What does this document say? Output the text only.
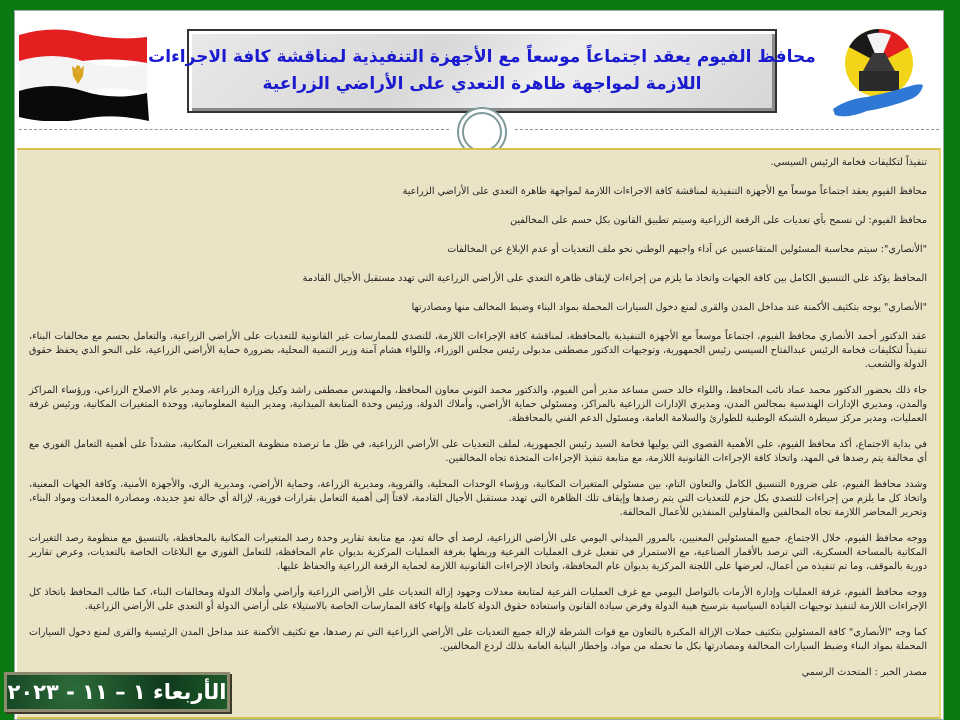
محافظ الفيوم يعقد اجتماعاً موسعاً مع الأجهزة التنفيذية لمناقشة كافة الاجراءات
اللازمة لمواجهة ظاهرة التعدي على الأراضي الزراعية

تنفيذاً لتكليفات فخامة الرئيس السيسي.

محافظ الفيوم يعقد اجتماعاً موسعاً مع الأجهزة التنفيذية لمناقشة كافة الاجراءات اللازمة لمواجهة ظاهرة التعدي على الأراضي الزراعية

محافظ الفيوم: لن نسمح بأي تعديات على الرقعة الزراعية وسيتم تطبيق القانون بكل حسم على المخالفين

"الأنصاري": سيتم محاسبة المسئولين المتقاعسين عن آداء واجبهم الوطني نحو ملف التعديات أو عدم الإبلاغ عن المخالفات

المحافظ يؤكد علي التنسيق الكامل بين كافة الجهات واتخاذ ما يلزم من إجراءات لإيقاف ظاهرة التعدي على الأراضي الزراعية التي تهدد مستقبل الأجيال القادمة

"الأنصاري" يوجه بتكثيف الأكمنة عند مداخل المدن والقرى لمنع دخول السيارات المحملة بمواد البناء وضبط المخالف منها ومصادرتها

عقد الدكتور أحمد الأنصاري محافظ الفيوم، اجتماعاً موسعاً مع الأجهزة التنفيذية بالمحافظة، لمناقشة كافة الإجراءات اللازمة، للتصدي للممارسات غير القانونية للتعديات على الأراضي الزراعية، والتعامل بحسم مع مخالفات البناء، تنفيذاً لتكليفات فخامة الرئيس عبدالفتاح السيسي رئيس الجمهورية، وتوجيهات الدكتور مصطفى مدبولى رئيس مجلس الوزراء، واللواء هشام آمنة وزير التنمية المحلية، بضرورة حماية الأراضي الزراعية، على النحو الذي يحفظ حقوق الدولة والشعب.

جاء ذلك بحضور الدكتور محمد عماد نائب المحافظ، واللواء خالد حسن مساعد مدير أمن الفيوم، والدكتور محمد التوني معاون المحافظ، والمهندس مصطفى راشد وكيل وزارة الزراعة، ومدير عام الاصلاح الزراعي، ورؤساء المراكز والمدن، ومديري الإدارات الهندسية بمجالس المدن، ومديري الإدارات الزراعية بالمراكز، ومسئولي حماية الأراضي، وأملاك الدولة، ورئيس وحدة المتابعة الميدانية، ومدير البنية المعلوماتية، ووحدة المتغيرات المكانية، ورئيس غرفة العمليات، ومدير مركز سيطرة الشبكة الوطنية للطوارئ والسلامة العامة، ومسئول الدعم الفني بالمحافظة.

في بداية الاجتماع، أكد محافظ الفيوم، على الأهمية القصوى التي يوليها فخامة السيد رئيس الجمهورية، لملف التعديات على الأراضي الزراعية، في ظل ما ترصده منظومة المتغيرات المكانية، مشدداً على أهمية التعامل الفوري مع أي مخالفة يتم رصدها في المهد، واتخاذ كافة الإجراءات القانونية اللازمة، مع متابعة تنفيذ الإجراءات المتخذة تجاه المخالفين.

وشدد محافظ الفيوم، على ضرورة التنسيق الكامل والتعاون التام، بين مسئولي المتغيرات المكانية، ورؤساء الوحدات المحلية، والقروية، ومديرية الزراعة، وحماية الأراضي، ومديرية الري، والأجهزة الأمنية، وكافة الجهات المعنية، واتخاذ كل ما يلزم من إجراءات للتصدي بكل حزم للتعديات التي يتم رصدها وإيقاف تلك الظاهرة التي تهدد مستقبل الأجيال القادمة، لافتاً إلى أهمية التعامل بقرارات فورية، لإزالة أي حالة تعدٍ جديدة، ومصادرة المعدات ومواد البناء، وتحرير المحاضر اللازمة تجاه المخالفين والمقاولين المنفذين للأعمال المخالفة.

ووجه محافظ الفيوم، خلال الاجتماع، جميع المسئولين المعنيين، بالمرور الميداني اليومي على الأراضي الزراعية، لرصد أي حالة تعدٍ، مع متابعة تقارير وحدة رصد المتغيرات المكانية بالمحافظة، بالتنسيق مع منظومة رصد التغيرات المكانية بالمساحة العسكرية، التي ترصد بالأقمار الصناعية، مع الاستمرار في تفعيل غرف العمليات الفرعية وربطها بغرفة العمليات المركزية بديوان عام المحافظة، للتعامل الفوري مع البلاغات الخاصة بالتعديات، وعرض تقارير دورية بالموقف، وما تم تنفيذه من أعمال، لعرضها على اللجنة المركزية بديوان عام المحافظة، واتخاذ الإجراءات القانونية اللازمة لحماية الرقعة الزراعية والحفاظ عليها.

ووجه محافظ الفيوم، غرفة العمليات وإدارة الأزمات بالتواصل اليومي مع غرف العمليات الفرعية لمتابعة معدلات وجهود إزالة التعديات على الأراضي الزراعية وأراضي وأملاك الدولة ومخالفات البناء، كما طالب المحافظ باتخاذ كل الإجراءات اللازمة لتنفيذ توجيهات القيادة السياسية بترسيخ هيبة الدولة وفرض سيادة القانون واستعادة حقوق الدولة كاملة وإنهاء كافة الممارسات الخاصة بالاستيلاء على أراضي الدولة أو التعدي على الأراضي الزراعية.

كما وجه "الأنصاري" كافة المسئولين بتكثيف حملات الإزالة المكبرة بالتعاون مع قوات الشرطة لإزالة جميع التعديات على الأراضي الزراعية التي تم رصدها، مع تكثيف الأكمنة عند مداخل المدن الرئيسية والقرى لمنع دخول السيارات المحملة بمواد البناء وضبط السيارات المخالفة ومصادرتها بكل ما تحمله من مواد، وإخطار النيابة العامة بذلك لردع المخالفين.

مصدر الخبر : المتحدث الرسمي

الأربعاء ١ – ١١ - ٢٠٢٣
